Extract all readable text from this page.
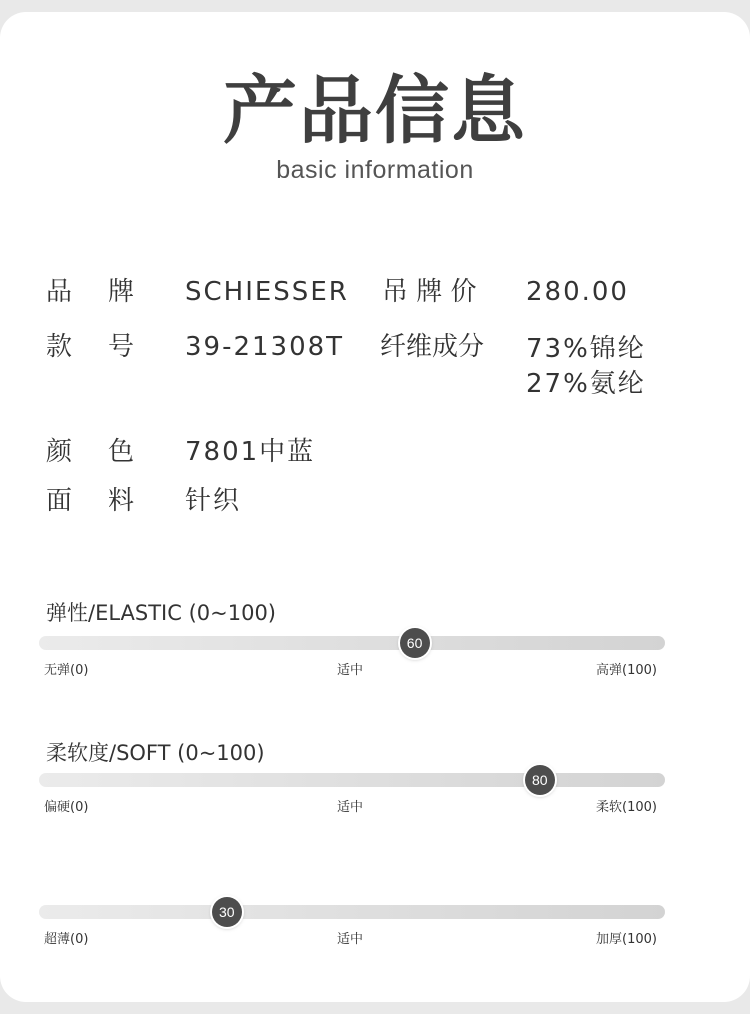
产品信息
basic information
品 牌 SCHIESSER 吊 牌 价 280.00
款 号 39-21308T 纤维成分 73%锦纶
27%氨纶
颜 色 7801中蓝
面 料 针织
弹性/ELASTIC (0~100)
60
无弹(0)	适中	高弹(100)
柔软度/SOFT (0~100)
80
偏硬(0)	适中	柔软(100)
30
超薄(0)	适中	加厚(100)
